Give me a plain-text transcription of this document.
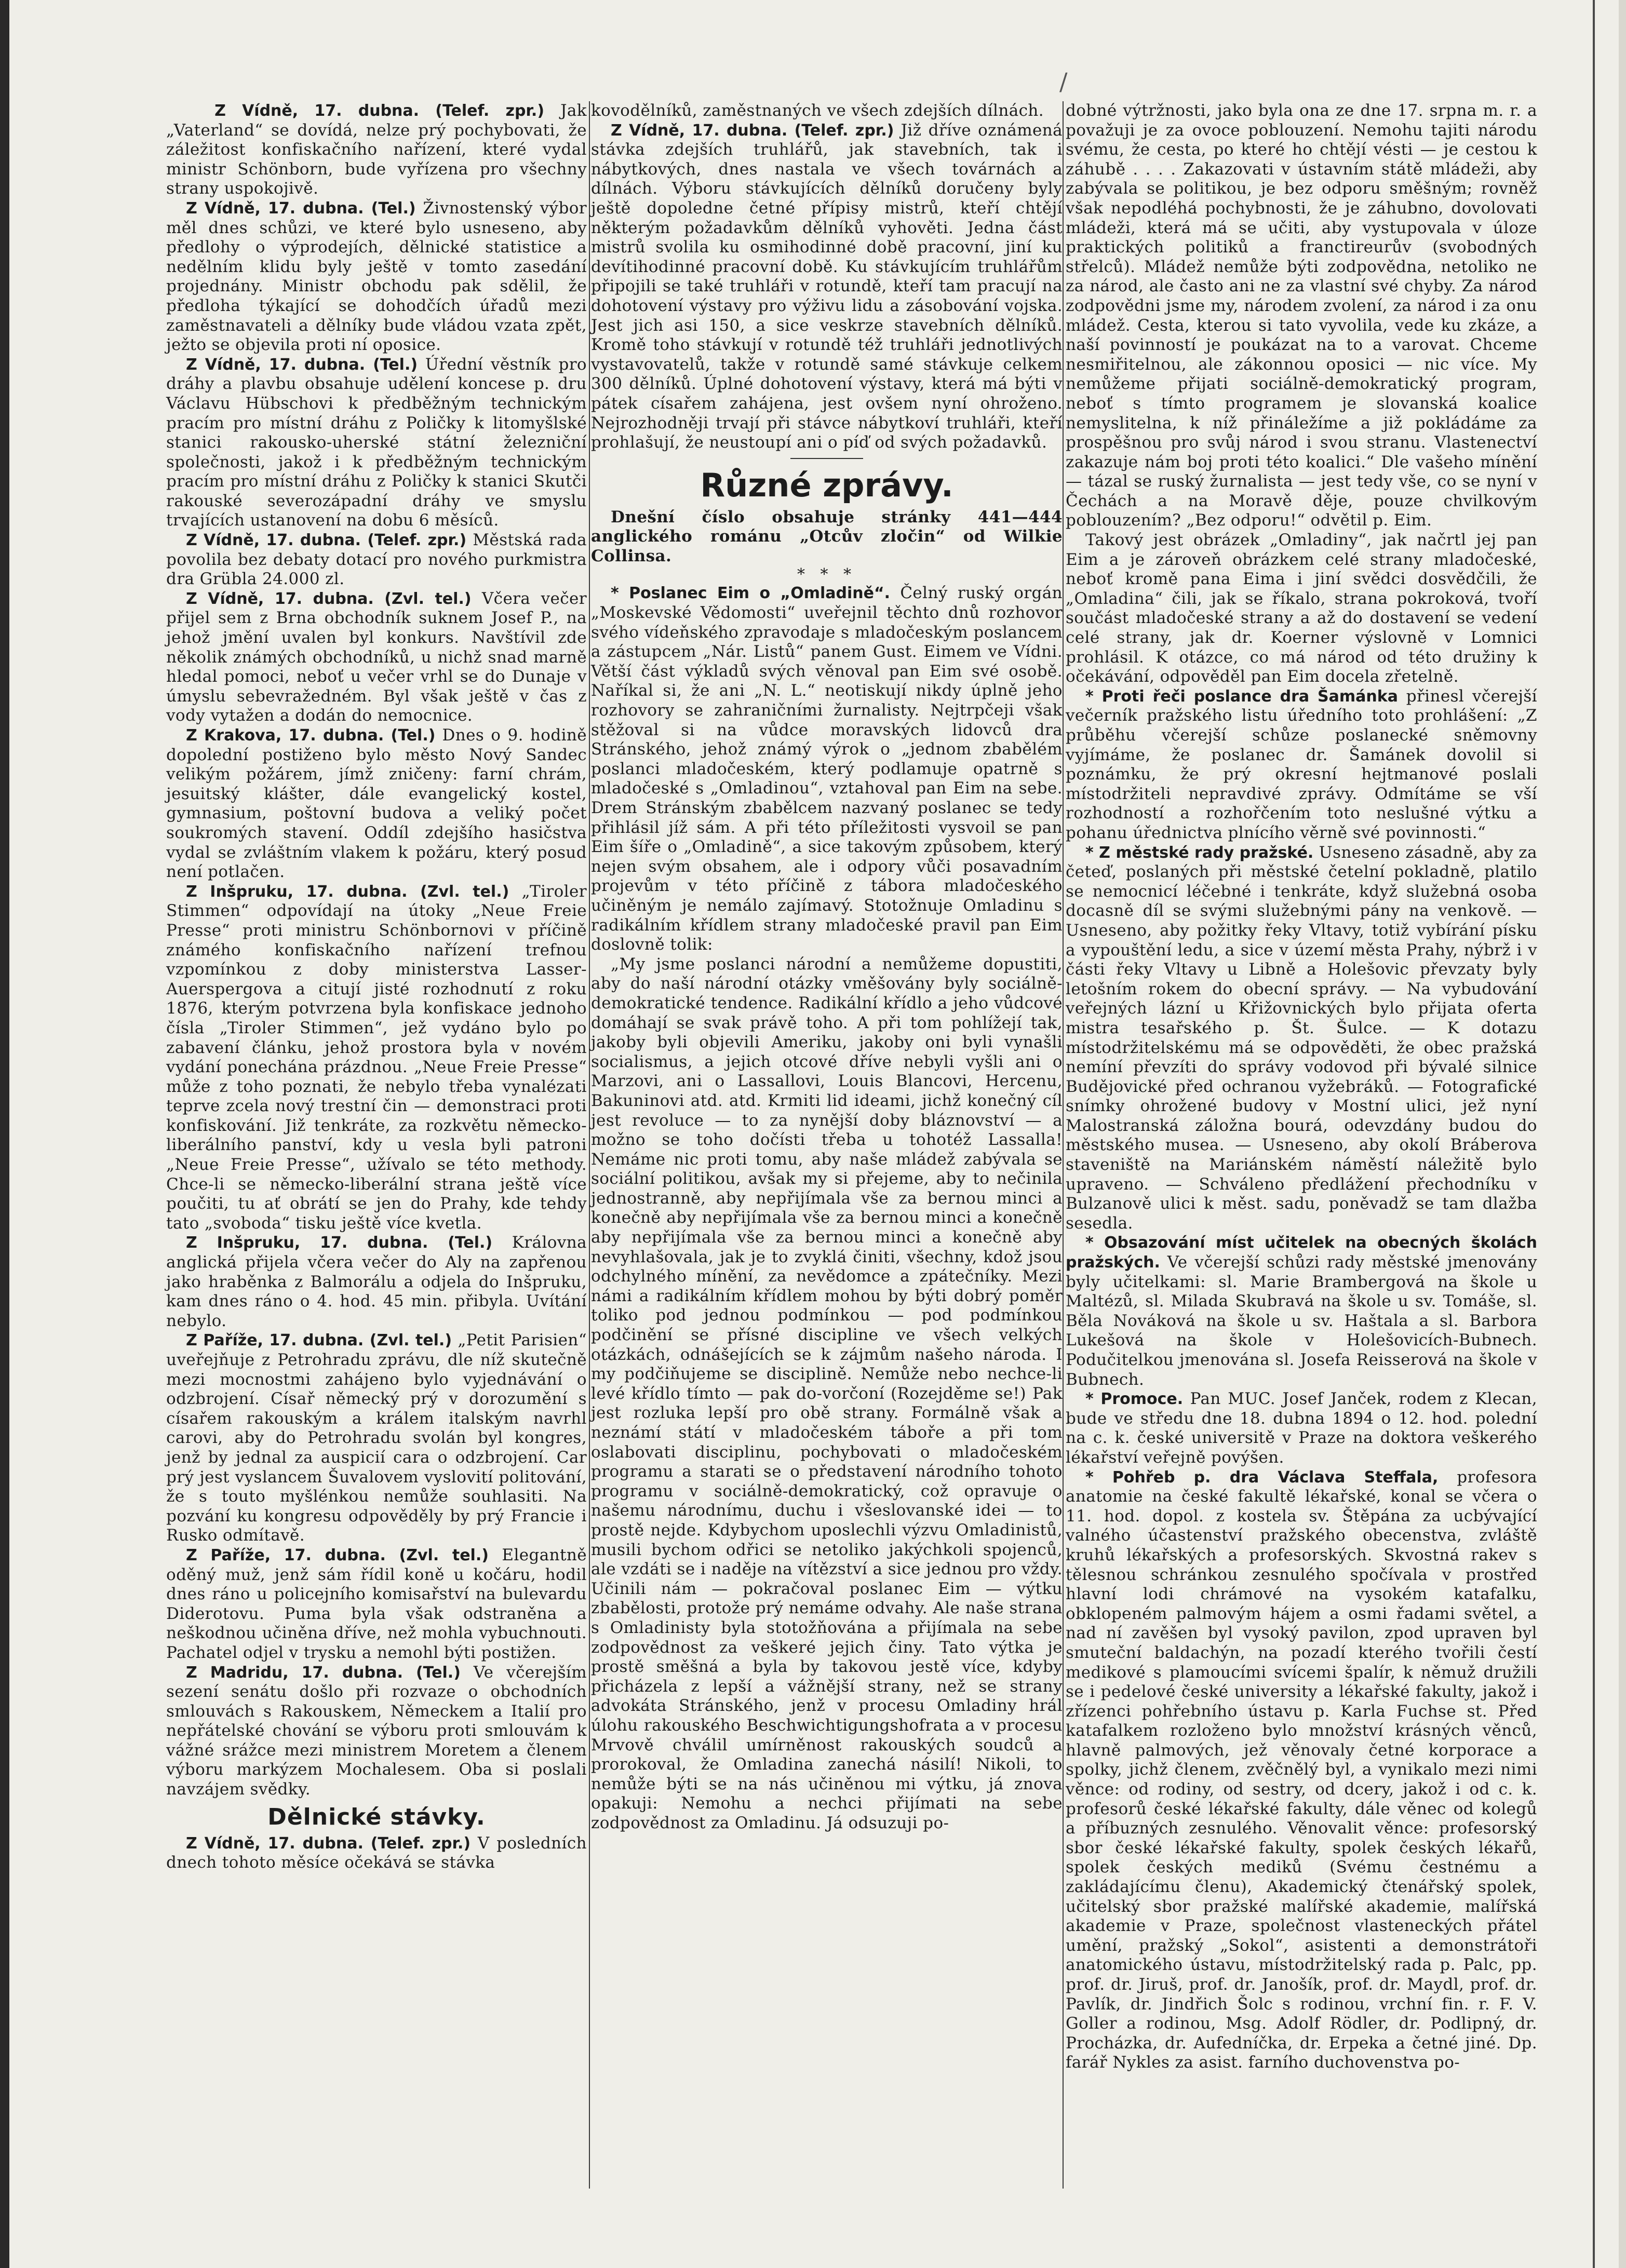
/

Z Vídně, 17. dubna. (Telef. zpr.) Jak „Vaterland“ se dovídá, nelze prý pochybovati, že záležitost konfiskačního nařízení, které vydal ministr Schönborn, bude vyřízena pro všechny strany uspokojivě.

Z Vídně, 17. dubna. (Tel.) Živnostenský výbor měl dnes schůzi, ve které bylo usneseno, aby předlohy o výprodejích, dělnické statistice a nedělním klidu byly ještě v tomto zasedání projednány. Ministr obchodu pak sdělil, že předloha týkající se dohodčích úřadů mezi zaměstnavateli a dělníky bude vládou vzata zpět, ježto se objevila proti ní oposice.

Z Vídně, 17. dubna. (Tel.) Úřední věstník pro dráhy a plavbu obsahuje udělení koncese p. dru Václavu Hübschovi k předběžným technickým pracím pro místní dráhu z Poličky k litomyšlské stanici rakousko-uherské státní železniční společnosti, jakož i k předběžným technickým pracím pro místní dráhu z Poličky k stanici Skutči rakouské severozápadní dráhy ve smyslu trvajících ustanovení na dobu 6 měsíců.

Z Vídně, 17. dubna. (Telef. zpr.) Městská rada povolila bez debaty dotací pro nového purkmistra dra Grübla 24.000 zl.

Z Vídně, 17. dubna. (Zvl. tel.) Včera večer přijel sem z Brna obchodník suknem Josef P., na jehož jmění uvalen byl konkurs. Navštívil zde několik známých obchodníků, u nichž snad marně hledal pomoci, neboť u večer vrhl se do Dunaje v úmyslu sebevražedném. Byl však ještě v čas z vody vytažen a dodán do nemocnice.

Z Krakova, 17. dubna. (Tel.) Dnes o 9. hodině dopolední postiženo bylo město Nový Sandec velikým požárem, jímž zničeny: farní chrám, jesuitský klášter, dále evangelický kostel, gymnasium, poštovní budova a veliký počet soukromých stavení. Oddíl zdejšího hasičstva vydal se zvláštním vlakem k požáru, který posud není potlačen.

Z Inšpruku, 17. dubna. (Zvl. tel.) „Tiroler Stimmen“ odpovídají na útoky „Neue Freie Presse“ proti ministru Schönbornovi v příčině známého konfiskačního nařízení trefnou vzpomínkou z doby ministerstva Lasser-Auerspergova a citují jisté rozhodnutí z roku 1876, kterým potvrzena byla konfiskace jednoho čísla „Tiroler Stimmen“, jež vydáno bylo po zabavení článku, jehož prostora byla v novém vydání ponechána prázdnou. „Neue Freie Presse“ může z toho poznati, že nebylo třeba vynalézati teprve zcela nový trestní čin — demonstraci proti konfiskování. Již tenkráte, za rozkvětu německo-liberálního panství, kdy u vesla byli patroni „Neue Freie Presse“, užívalo se této methody. Chce-li se německo-liberální strana ještě více poučiti, tu ať obrátí se jen do Prahy, kde tehdy tato „svoboda“ tisku ještě více kvetla.

Z Inšpruku, 17. dubna. (Tel.) Královna anglická přijela včera večer do Aly na zapřenou jako hraběnka z Balmorálu a odjela do Inšpruku, kam dnes ráno o 4. hod. 45 min. přibyla. Uvítání nebylo.

Z Paříže, 17. dubna. (Zvl. tel.) „Petit Parisien“ uveřejňuje z Petrohradu zprávu, dle níž skutečně mezi mocnostmi zahájeno bylo vyjednávání o odzbrojení. Císař německý prý v dorozumění s císařem rakouským a králem italským navrhl carovi, aby do Petrohradu svolán byl kongres, jenž by jednal za auspicií cara o odzbrojení. Car prý jest vyslancem Šuvalovem vyslovití politování, že s touto myšlénkou nemůže souhlasiti. Na pozvání ku kongresu odpověděly by prý Francie i Rusko odmítavě.

Z Paříže, 17. dubna. (Zvl. tel.) Elegantně oděný muž, jenž sám řídil koně u kočáru, hodil dnes ráno u policejního komisařství na bulevardu Diderotovu. Puma byla však odstraněna a neškodnou učiněna dříve, než mohla vybuchnouti. Pachatel odjel v trysku a nemohl býti postižen.

Z Madridu, 17. dubna. (Tel.) Ve včerejším sezení senátu došlo při rozvaze o obchodních smlouvách s Rakouskem, Německem a Italií pro nepřátelské chování se výboru proti smlouvám k vážné srážce mezi ministrem Moretem a členem výboru markýzem Mochalesem. Oba si poslali navzájem svědky.

Dělnické stávky.

Z Vídně, 17. dubna. (Telef. zpr.) V posledních dnech tohoto měsíce očekává se stávka

kovodělníků, zaměstnaných ve všech zdejších dílnách.

Z Vídně, 17. dubna. (Telef. zpr.) Již dříve oznámená stávka zdejších truhlářů, jak stavebních, tak i nábytkových, dnes nastala ve všech továrnách a dílnách. Výboru stávkujících dělníků doručeny byly ještě dopoledne četné přípisy mistrů, kteří chtějí některým požadavkům dělníků vyhověti. Jedna část mistrů svolila ku osmihodinné době pracovní, jiní ku devítihodinné pracovní době. Ku stávkujícím truhlářům připojili se také truhláři v rotundě, kteří tam pracují na dohotovení výstavy pro výživu lidu a zásobování vojska. Jest jich asi 150, a sice veskrze stavebních dělníků. Kromě toho stávkují v rotundě též truhláři jednotlivých vystavovatelů, takže v rotundě samé stávkuje celkem 300 dělníků. Úplné dohotovení výstavy, která má býti v pátek císařem zahájena, jest ovšem nyní ohroženo. Nejrozhodněji trvají při stávce nábytkoví truhláři, kteří prohlašují, že neustoupí ani o píď od svých požadavků.

Různé zprávy.

Dnešní číslo obsahuje stránky 441—444 anglického románu „Otcův zločin“ od Wilkie Collinsa.

* * *

* Poslanec Eim o „Omladině“. Čelný ruský orgán „Moskevské Vědomosti“ uveřejnil těchto dnů rozhovor svého vídeňského zpravodaje s mladočeským poslancem a zástupcem „Nár. Listů“ panem Gust. Eimem ve Vídni. Větší část výkladů svých věnoval pan Eim své osobě. Naříkal si, že ani „N. L.“ neotiskují nikdy úplně jeho rozhovory se zahraničními žurnalisty. Nejtrpčeji však stěžoval si na vůdce moravských lidovců dra Stránského, jehož známý výrok o „jednom zbabělém poslanci mladočeském, který podlamuje opatrně s mladočeské s „Omladinou“, vztahoval pan Eim na sebe. Drem Stránským zbabělcem nazvaný poslanec se tedy přihlásil jíž sám. A při této příležitosti vysvoil se pan Eim šíře o „Omladině“, a sice takovým způsobem, který nejen svým obsahem, ale i odpory vůči posavadním projevům v této příčině z tábora mladočeského učiněným je nemálo zajímavý. Stotožnuje Omladinu s radikálním křídlem strany mladočeské pravil pan Eim doslovně tolik:

„My jsme poslanci národní a nemůžeme dopustiti, aby do naší národní otázky vměšovány byly sociálně-demokratické tendence. Radikální křídlo a jeho vůdcové domáhají se svak právě toho. A při tom pohlížejí tak, jakoby byli objevili Ameriku, jakoby oni byli vynašli socialismus, a jejich otcové dříve nebyli vyšli ani o Marzovi, ani o Lassallovi, Louis Blancovi, Hercenu, Bakuninovi atd. atd. Krmiti lid ideami, jichž konečný cíl jest revoluce — to za nynější doby bláznovství — a možno se toho dočísti třeba u tohotéž Lassalla! Nemáme nic proti tomu, aby naše mládež zabývala se sociální politikou, avšak my si přejeme, aby to nečinila jednostranně, aby nepřijímala vše za bernou minci a konečně aby nepřijímala vše za bernou minci a konečně aby nepřijímala vše za bernou minci a konečně aby nevyhlašovala, jak je to zvyklá činiti, všechny, kdož jsou odchylného mínění, za nevědomce a zpátečníky. Mezi námi a radikálním křídlem mohou by býti dobrý poměr toliko pod jednou podmínkou — pod podmínkou podčinění se přísné discipline ve všech velkých otázkách, odnášejících se k zájmům našeho národa. I my podčiňujeme se disciplině. Nemůže nebo nechce-li levé křídlo tímto — pak do-vorčoní (Rozejděme se!) Pak jest rozluka lepší pro obě strany. Formálně však a neznámí státí v mladočeském táboře a při tom oslabovati disciplinu, pochybovati o mladočeském programu a starati se o představení národního tohoto programu v sociálně-demokratický, což opravuje o našemu národnímu, duchu i všeslovanské idei — to prostě nejde. Kdybychom uposlechli výzvu Omladinistů, musili bychom odřici se netoliko jakýchkoli spojenců, ale vzdáti se i naděje na vítězství a sice jednou pro vždy. Učinili nám — pokračoval poslanec Eim — výtku zbabělosti, protože prý nemáme odvahy. Ale naše strana s Omladinisty byla stotožňována a přijímala na sebe zodpovědnost za veškeré jejich činy. Tato výtka je prostě směšná a byla by takovou jestě více, kdyby přicházela z lepší a vážnější strany, než se strany advokáta Stránského, jenž v procesu Omladiny hrál úlohu rakouského Beschwichtigungshofrata a v procesu Mrvově chválil umírněnost rakouských soudců a prorokoval, že Omladina zanechá násilí! Nikoli, to nemůže býti se na nás učiněnou mi výtku, já znova opakuji: Nemohu a nechci přijímati na sebe zodpovědnost za Omladinu. Já odsuzuji po-

dobné výtržnosti, jako byla ona ze dne 17. srpna m. r. a považuji je za ovoce poblouzení. Nemohu tajiti národu svému, že cesta, po které ho chtějí vésti — je cestou k záhubě . . . . Zakazovati v ústavním státě mládeži, aby zabývala se politikou, je bez odporu směšným; rovněž však nepodléhá pochybnosti, že je záhubno, dovolovati mládeži, která má se učiti, aby vystupovala v úloze praktických politiků a franctireurův (svobodných střelců). Mládež nemůže býti zodpovědna, netoliko ne za národ, ale často ani ne za vlastní své chyby. Za národ zodpovědni jsme my, národem zvolení, za národ i za onu mládež. Cesta, kterou si tato vyvolila, vede ku zkáze, a naší povinností je poukázat na to a varovat. Chceme nesmiřitelnou, ale zákonnou oposici — nic více. My nemůžeme přijati sociálně-demokratický program, neboť s tímto programem je slovanská koalice nemyslitelna, k níž přináležíme a již pokládáme za prospěšnou pro svůj národ i svou stranu. Vlastenectví zakazuje nám boj proti této koalici.“ Dle vašeho mínění — tázal se ruský žurnalista — jest tedy vše, co se nyní v Čechách a na Moravě děje, pouze chvilkovým poblouzením? „Bez odporu!“ odvětil p. Eim.

Takový jest obrázek „Omladiny“, jak načrtl jej pan Eim a je zároveň obrázkem celé strany mladočeské, neboť kromě pana Eima i jiní svědci dosvědčili, že „Omladina“ čili, jak se říkalo, strana pokroková, tvoří součást mladočeské strany a až do dostavení se vedení celé strany, jak dr. Koerner výslovně v Lomnici prohlásil. K otázce, co má národ od této družiny k očekávání, odpověděl pan Eim docela zřetelně.

* Proti řeči poslance dra Šamánka přinesl včerejší večerník pražského listu úředního toto prohlášení: „Z průběhu včerejší schůze poslanecké sněmovny vyjímáme, že poslanec dr. Šamánek dovolil si poznámku, že prý okresní hejtmanové poslali místodržiteli nepravdivé zprávy. Odmítáme se vší rozhodností a rozhořčením toto neslušné výtku a pohanu úřednictva plnícího věrně své povinnosti.“

* Z městské rady pražské. Usneseno zásadně, aby za četeď, poslaných při městské četelní pokladně, platilo se nemocnicí léčebné i tenkráte, když služebná osoba docasně díl se svými služebnými pány na venkově. — Usneseno, aby požitky řeky Vltavy, totiž vybírání písku a vypouštění ledu, a sice v území města Prahy, nýbrž i v části řeky Vltavy u Libně a Holešovic převzaty byly letošním rokem do obecní správy. — Na vybudování veřejných lázní u Křižovnických bylo přijata oferta mistra tesařského p. Št. Šulce. — K dotazu místodržitelskému má se odpověděti, že obec pražská nemíní převzíti do správy vodovod při bývalé silnice Budějovické před ochranou vyžebráků. — Fotografické snímky ohrožené budovy v Mostní ulici, jež nyní Malostranská záložna bourá, odevzdány budou do městského musea. — Usneseno, aby okolí Bráberova staveniště na Mariánském náměstí náležitě bylo upraveno. — Schváleno předlážení přechodníku v Bulzanově ulici k měst. sadu, poněvadž se tam dlažba sesedla.

* Obsazování míst učitelek na obecných školách pražských. Ve včerejší schůzi rady městské jmenovány byly učitelkami: sl. Marie Brambergová na škole u Maltézů, sl. Milada Skubravá na škole u sv. Tomáše, sl. Běla Nováková na škole u sv. Haštala a sl. Barbora Lukešová na škole v Holešovicích-Bubnech. Podučitelkou jmenována sl. Josefa Reisserová na škole v Bubnech.

* Promoce. Pan MUC. Josef Janček, rodem z Klecan, bude ve středu dne 18. dubna 1894 o 12. hod. polední na c. k. české universitě v Praze na doktora veškerého lékařství veřejně povýšen.

* Pohřeb p. dra Václava Steffala, profesora anatomie na české fakultě lékařské, konal se včera o 11. hod. dopol. z kostela sv. Štěpána za ucbývající valného účastenství pražského obecenstva, zvláště kruhů lékařských a profesorských. Skvostná rakev s tělesnou schránkou zesnulého spočívala v prostřed hlavní lodi chrámové na vysokém katafalku, obklopeném palmovým hájem a osmi řadami světel, a nad ní zavěšen byl vysoký pavilon, zpod upraven byl smuteční baldachýn, na pozadí kterého tvořili čestí medikové s plamoucími svícemi špalír, k němuž družili se i pedelové české university a lékařské fakulty, jakož i zřízenci pohřebního ústavu p. Karla Fuchse st. Před katafalkem rozloženo bylo množství krásných věnců, hlavně palmových, jež věnovaly četné korporace a spolky, jichž členem, zvěčnělý byl, a vynikalo mezi nimi věnce: od rodiny, od sestry, od dcery, jakož i od c. k. profesorů české lékařské fakulty, dále věnec od kolegů a příbuzných zesnulého. Věnovalit věnce: profesorský sbor české lékařské fakulty, spolek českých lékařů, spolek českých mediků (Svému čestnému a zakládajícímu členu), Akademický čtenářský spolek, učitelský sbor pražské malířské akademie, malířská akademie v Praze, společnost vlasteneckých přátel umění, pražský „Sokol“, asistenti a demonstrátoři anatomického ústavu, místodržitelský rada p. Palc, pp. prof. dr. Jiruš, prof. dr. Janošík, prof. dr. Maydl, prof. dr. Pavlík, dr. Jindřich Šolc s rodinou, vrchní fin. r. F. V. Goller a rodinou, Msg. Adolf Rödler, dr. Podlipný, dr. Procházka, dr. Aufedníčka, dr. Erpeka a četné jiné. Dp. farář Nykles za asist. farního duchovenstva po-
